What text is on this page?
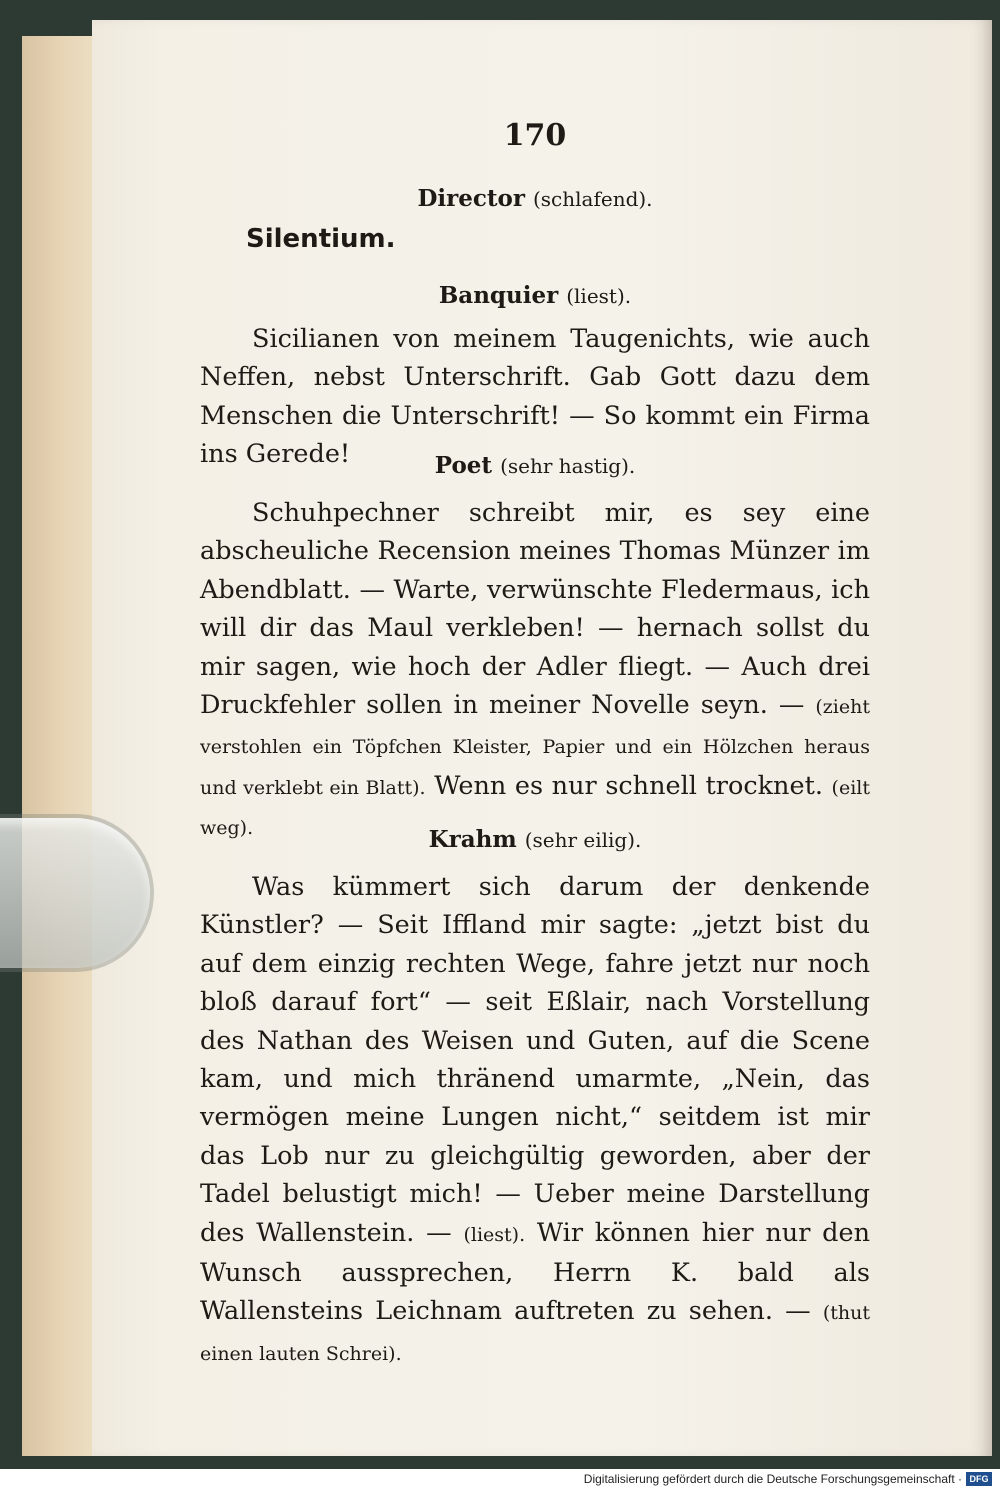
170
Director (schlafend).
Silentium.
Banquier (liest).
Sicilianen von meinem Taugenichts, wie auch Neffen, nebst Unterschrift. Gab Gott dazu dem Menschen die Unterschrift! — So kommt ein Firma ins Gerede!	Poet (sehr hastig).
Schuhpechner schreibt mir, es sey eine abscheuliche Recension meines Thomas Münzer im Abendblatt. — Warte, verwünschte Fledermaus, ich will dir das Maul verkleben! — hernach sollst du mir sagen, wie hoch der Adler fliegt. — Auch drei Druckfehler sollen in meiner Novelle seyn. — (zieht verstohlen ein Töpfchen Kleister, Papier und ein Hölzchen heraus und verklebt ein Blatt). Wenn es nur schnell trocknet. (eilt weg).	Krahm (sehr eilig).
Was kümmert sich darum der denkende Künstler? — Seit Iffland mir sagte: „jetzt bist du auf dem einzig rechten Wege, fahre jetzt nur noch bloß darauf fort“ — seit Eßlair, nach Vorstellung des Nathan des Weisen und Guten, auf die Scene kam, und mich thränend umarmte, „Nein, das vermögen meine Lungen nicht,“ seitdem ist mir das Lob nur zu gleichgültig geworden, aber der Tadel belustigt mich! — Ueber meine Darstellung des Wallenstein. — (liest). Wir können hier nur den Wunsch aussprechen, Herrn K. bald als Wallensteins Leichnam auftreten zu sehen. — (thut einen lauten Schrei).
Digitalisierung gefördert durch die Deutsche Forschungsgemeinschaft · DFG
